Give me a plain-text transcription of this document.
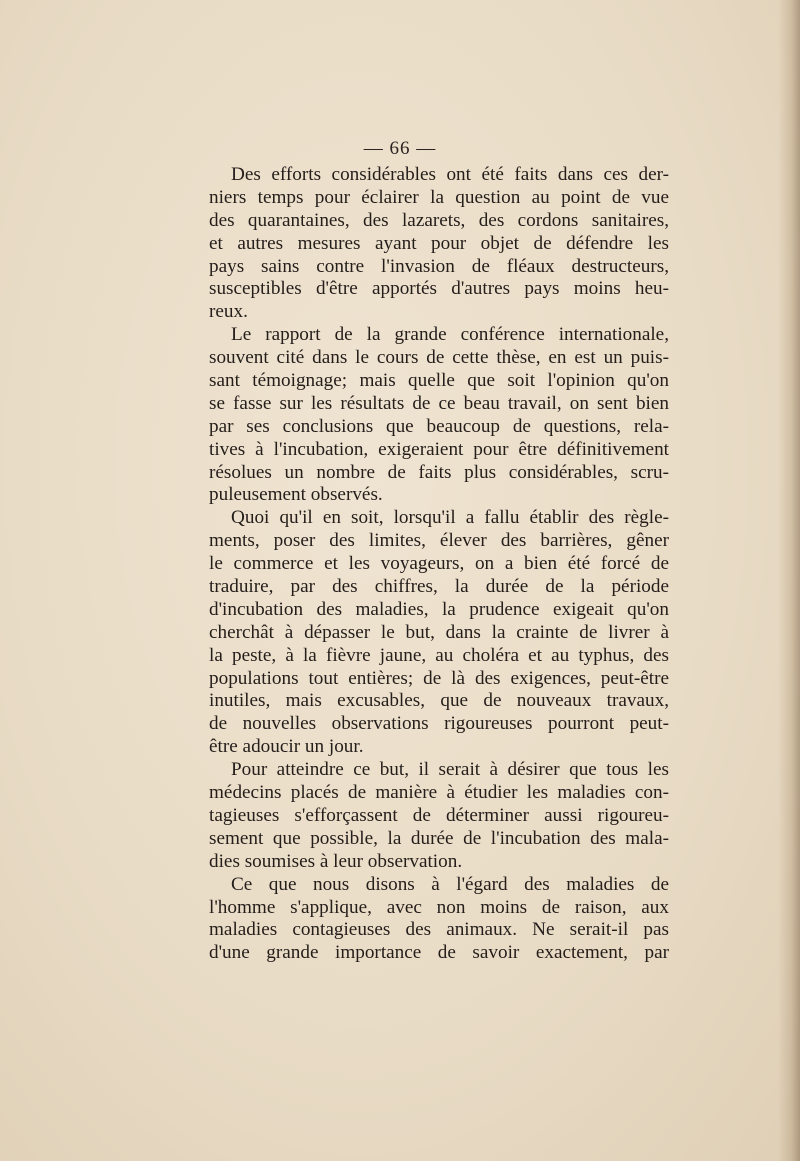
— 66 —
Des efforts considérables ont été faits dans ces der-
niers temps pour éclairer la question au point de vue
des quarantaines, des lazarets, des cordons sanitaires,
et autres mesures ayant pour objet de défendre les
pays sains contre l'invasion de fléaux destructeurs,
susceptibles d'être apportés d'autres pays moins heu-
reux.
Le rapport de la grande conférence internationale,
souvent cité dans le cours de cette thèse, en est un puis-
sant témoignage; mais quelle que soit l'opinion qu'on
se fasse sur les résultats de ce beau travail, on sent bien
par ses conclusions que beaucoup de questions, rela-
tives à l'incubation, exigeraient pour être définitivement
résolues un nombre de faits plus considérables, scru-
puleusement observés.
Quoi qu'il en soit, lorsqu'il a fallu établir des règle-
ments, poser des limites, élever des barrières, gêner
le commerce et les voyageurs, on a bien été forcé de
traduire, par des chiffres, la durée de la période
d'incubation des maladies, la prudence exigeait qu'on
cherchât à dépasser le but, dans la crainte de livrer à
la peste, à la fièvre jaune, au choléra et au typhus, des
populations tout entières; de là des exigences, peut-être
inutiles, mais excusables, que de nouveaux travaux,
de nouvelles observations rigoureuses pourront peut-
être adoucir un jour.
Pour atteindre ce but, il serait à désirer que tous les
médecins placés de manière à étudier les maladies con-
tagieuses s'efforçassent de déterminer aussi rigoureu-
sement que possible, la durée de l'incubation des mala-
dies soumises à leur observation.
Ce que nous disons à l'égard des maladies de
l'homme s'applique, avec non moins de raison, aux
maladies contagieuses des animaux. Ne serait-il pas
d'une grande importance de savoir exactement, par
